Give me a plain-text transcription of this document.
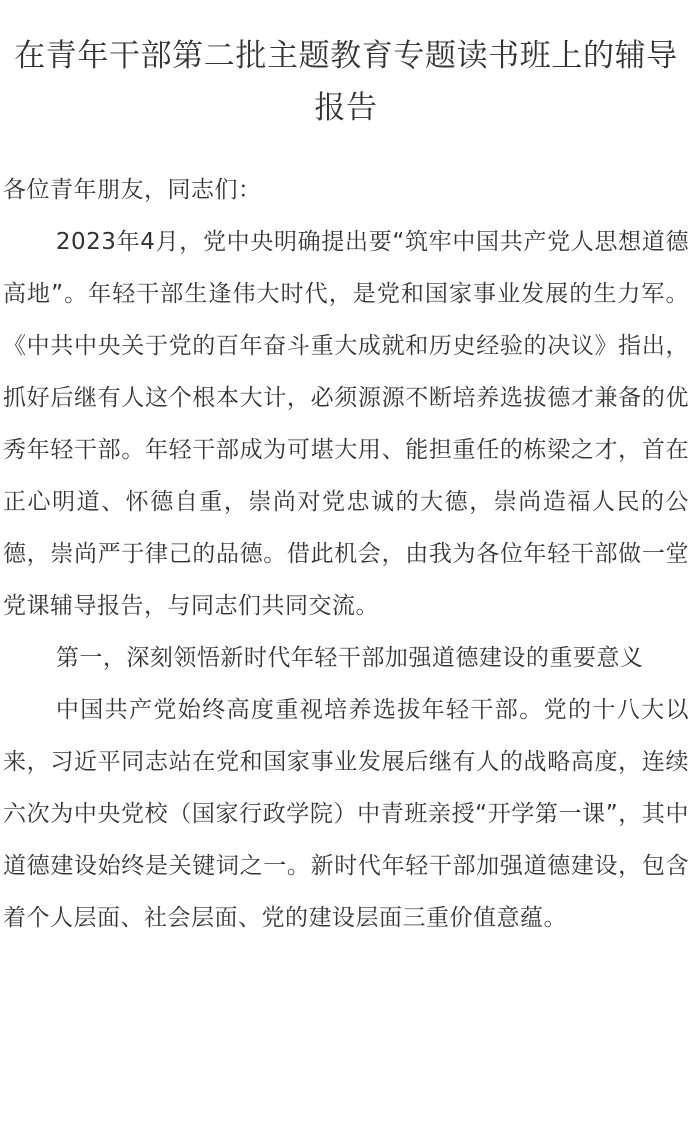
在青年干部第二批主题教育专题读书班上的辅导报告

各位青年朋友，同志们：

2023年4月，党中央明确提出要“筑牢中国共产党人思想道德高地”。年轻干部生逢伟大时代，是党和国家事业发展的生力军。《中共中央关于党的百年奋斗重大成就和历史经验的决议》指出，抓好后继有人这个根本大计，必须源源不断培养选拔德才兼备的优秀年轻干部。年轻干部成为可堪大用、能担重任的栋梁之才，首在正心明道、怀德自重，崇尚对党忠诚的大德，崇尚造福人民的公德，崇尚严于律己的品德。借此机会，由我为各位年轻干部做一堂党课辅导报告，与同志们共同交流。

第一，深刻领悟新时代年轻干部加强道德建设的重要意义

中国共产党始终高度重视培养选拔年轻干部。党的十八大以来，习近平同志站在党和国家事业发展后继有人的战略高度，连续六次为中央党校（国家行政学院）中青班亲授“开学第一课”，其中道德建设始终是关键词之一。新时代年轻干部加强道德建设，包含着个人层面、社会层面、党的建设层面三重价值意蕴。
